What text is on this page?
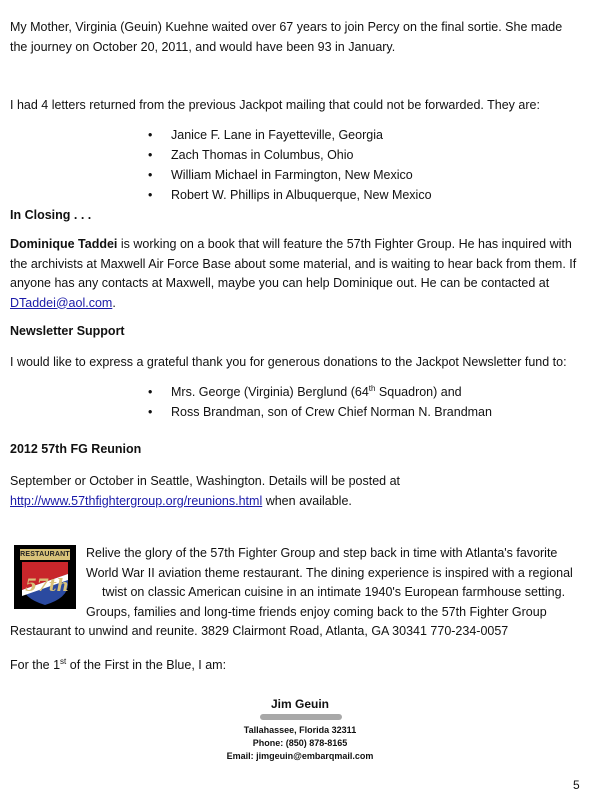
My Mother, Virginia (Geuin) Kuehne waited over 67 years to join Percy on the final sortie. She made the journey on October 20, 2011, and would have been 93 in January.

I had 4 letters returned from the previous Jackpot mailing that could not be forwarded. They are:

• Janice F. Lane in Fayetteville, Georgia
• Zach Thomas in Columbus, Ohio
• William Michael in Farmington, New Mexico
• Robert W. Phillips in Albuquerque, New Mexico

In Closing . . .

Dominique Taddei is working on a book that will feature the 57th Fighter Group. He has inquired with the archivists at Maxwell Air Force Base about some material, and is waiting to hear back from them. If anyone has any contacts at Maxwell, maybe you can help Dominique out. He can be contacted at DTaddei@aol.com.

Newsletter Support

I would like to express a grateful thank you for generous donations to the Jackpot Newsletter fund to:

• Mrs. George (Virginia) Berglund (64th Squadron) and
• Ross Brandman, son of Crew Chief Norman N. Brandman

2012 57th FG Reunion

September or October in Seattle, Washington. Details will be posted at
http://www.57thfightergroup.org/reunions.html when available.

RESTAURANT
57th
Relive the glory of the 57th Fighter Group and step back in time with Atlanta's favorite
World War II aviation theme restaurant. The dining experience is inspired with a regional
twist on classic American cuisine in an intimate 1940's European farmhouse setting.
Groups, families and long-time friends enjoy coming back to the 57th Fighter Group

Restaurant to unwind and reunite. 3829 Clairmont Road, Atlanta, GA 30341 770-234-0057

For the 1st of the First in the Blue, I am:

Jim Geuin
Tallahassee, Florida 32311
Phone: (850) 878-8165
Email: jimgeuin@embarqmail.com
5
